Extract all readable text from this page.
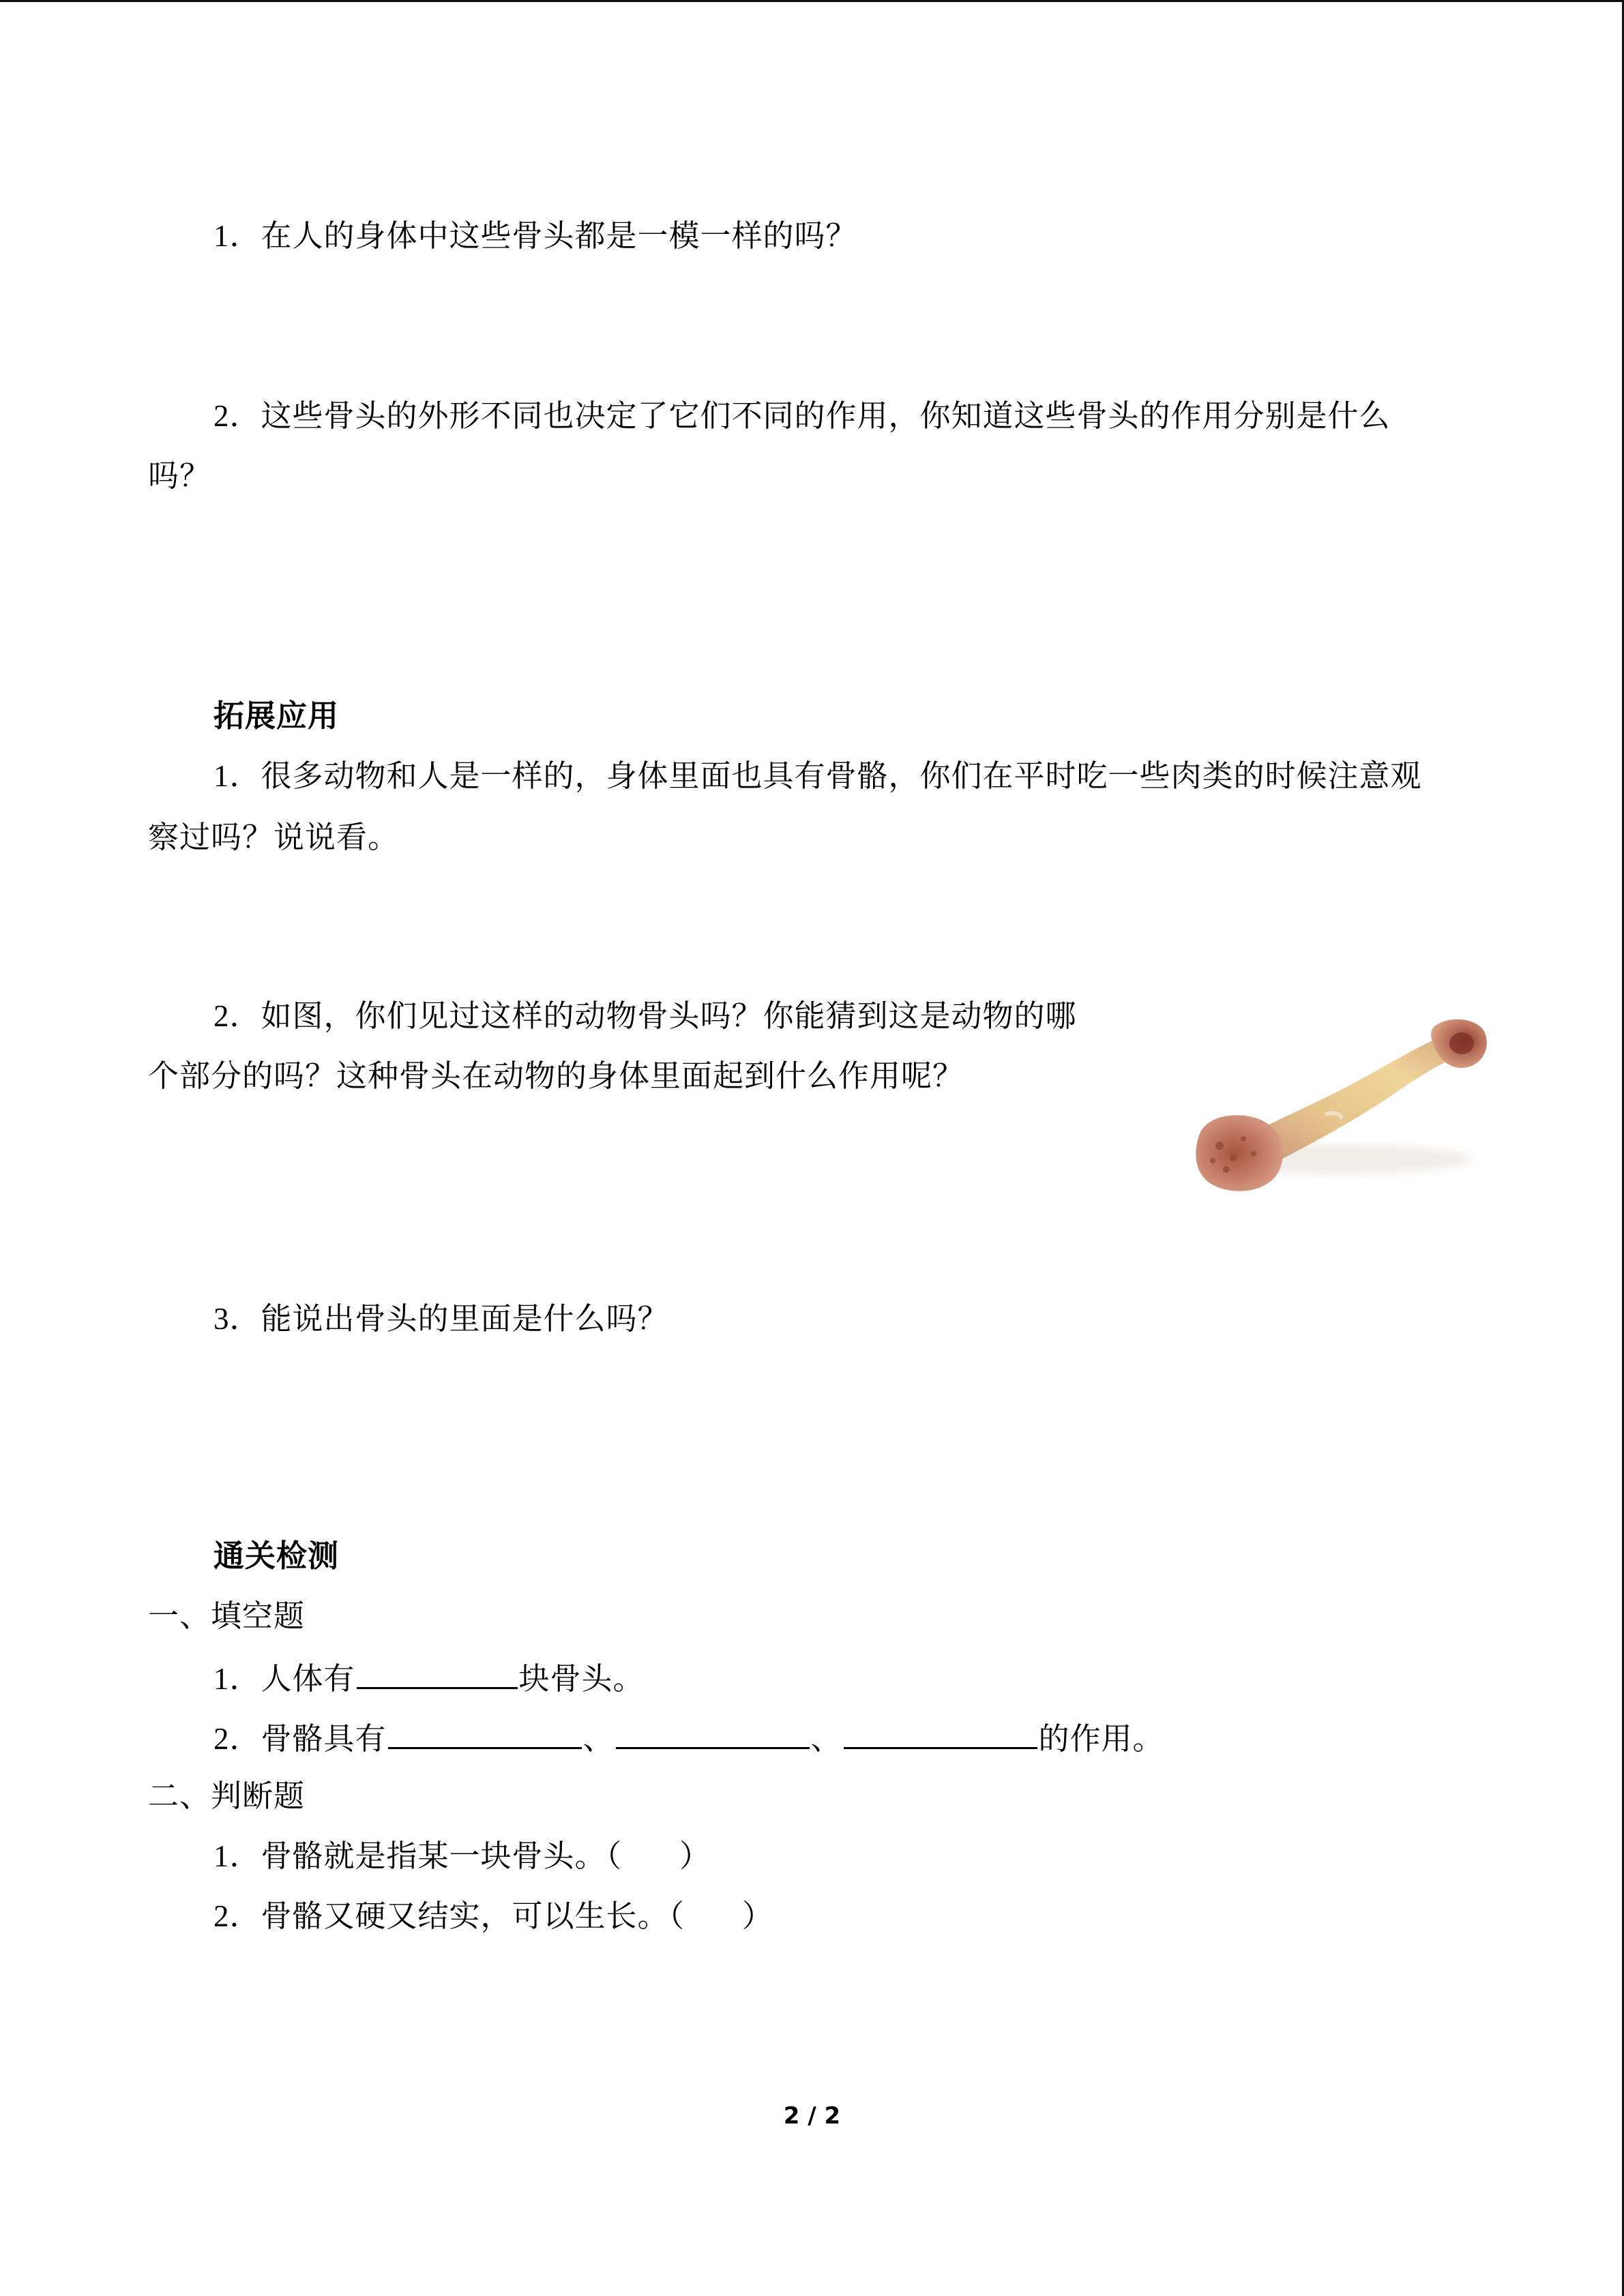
1．在人的身体中这些骨头都是一模一样的吗？
2．这些骨头的外形不同也决定了它们不同的作用，你知道这些骨头的作用分别是什么
吗？
拓展应用
1．很多动物和人是一样的，身体里面也具有骨骼，你们在平时吃一些肉类的时候注意观
察过吗？说说看。
2．如图，你们见过这样的动物骨头吗？你能猜到这是动物的哪
个部分的吗？这种骨头在动物的身体里面起到什么作用呢？
3．能说出骨头的里面是什么吗？
通关检测
一、填空题
1．人体有	块骨头。
2．骨骼具有	、	、	的作用。
二、判断题
1．骨骼就是指某一块骨头。（ ）
2．骨骼又硬又结实，可以生长。（ ）
2 / 2
